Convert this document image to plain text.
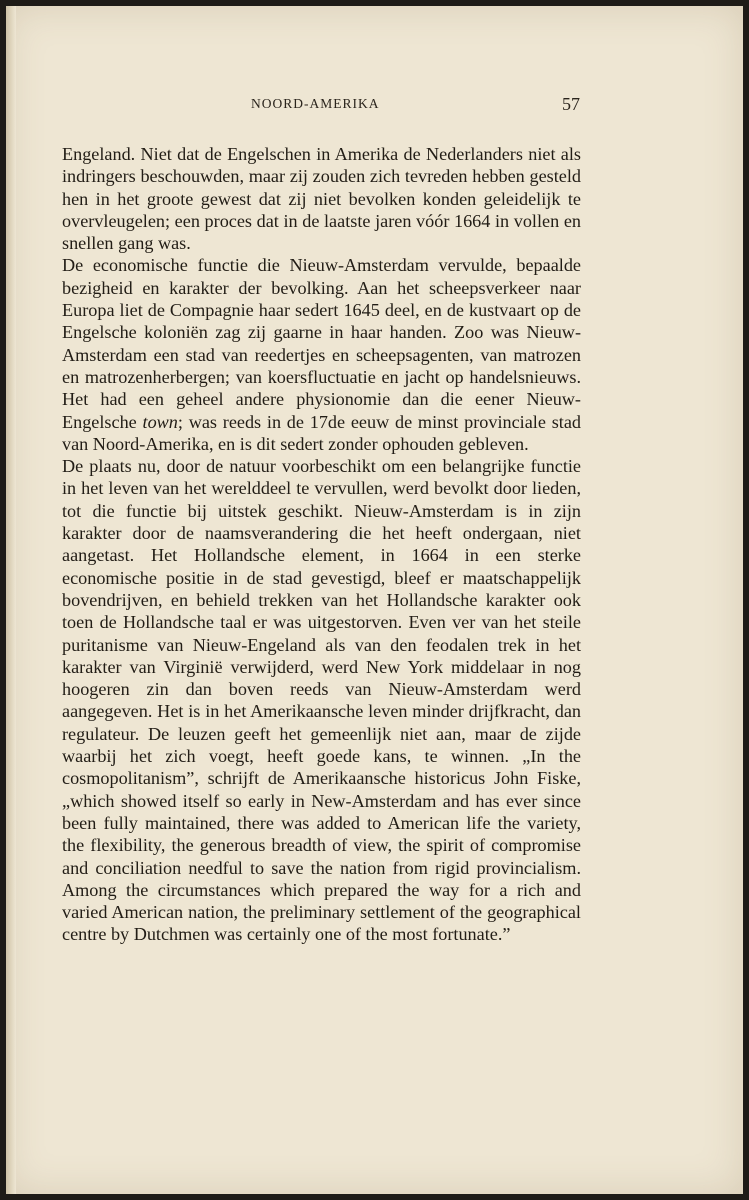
NOORD-AMERIKA	57

Engeland. Niet dat de Engelschen in Amerika de Nederlanders niet als indringers beschouwden, maar zij zouden zich tevreden hebben gesteld hen in het groote gewest dat zij niet bevolken konden geleidelijk te overvleugelen; een proces dat in de laatste jaren vóór 1664 in vollen en snellen gang was.

De economische functie die Nieuw-Amsterdam vervulde, bepaalde bezigheid en karakter der bevolking. Aan het scheepsverkeer naar Europa liet de Compagnie haar sedert 1645 deel, en de kustvaart op de Engelsche koloniën zag zij gaarne in haar handen. Zoo was Nieuw-Amsterdam een stad van reedertjes en scheepsagenten, van matrozen en matrozenherbergen; van koersfluctuatie en jacht op handelsnieuws. Het had een geheel andere physionomie dan die eener Nieuw-Engelsche town; was reeds in de 17de eeuw de minst provinciale stad van Noord-Amerika, en is dit sedert zonder ophouden gebleven.

De plaats nu, door de natuur voorbeschikt om een belangrijke functie in het leven van het werelddeel te vervullen, werd bevolkt door lieden, tot die functie bij uitstek geschikt. Nieuw-Amsterdam is in zijn karakter door de naamsverandering die het heeft ondergaan, niet aangetast. Het Hollandsche element, in 1664 in een sterke economische positie in de stad gevestigd, bleef er maatschappelijk bovendrijven, en behield trekken van het Hollandsche karakter ook toen de Hollandsche taal er was uitgestorven. Even ver van het steile puritanisme van Nieuw-Engeland als van den feodalen trek in het karakter van Virginië verwijderd, werd New York middelaar in nog hoogeren zin dan boven reeds van Nieuw-Amsterdam werd aangegeven. Het is in het Amerikaansche leven minder drijfkracht, dan regulateur. De leuzen geeft het gemeenlijk niet aan, maar de zijde waarbij het zich voegt, heeft goede kans, te winnen. „In the cosmopolitanism”, schrijft de Amerikaansche historicus John Fiske, „which showed itself so early in New-Amsterdam and has ever since been fully maintained, there was added to American life the variety, the flexibility, the generous breadth of view, the spirit of compromise and conciliation needful to save the nation from rigid provincialism. Among the circumstances which prepared the way for a rich and varied American nation, the preliminary settlement of the geographical centre by Dutchmen was certainly one of the most fortunate.”
